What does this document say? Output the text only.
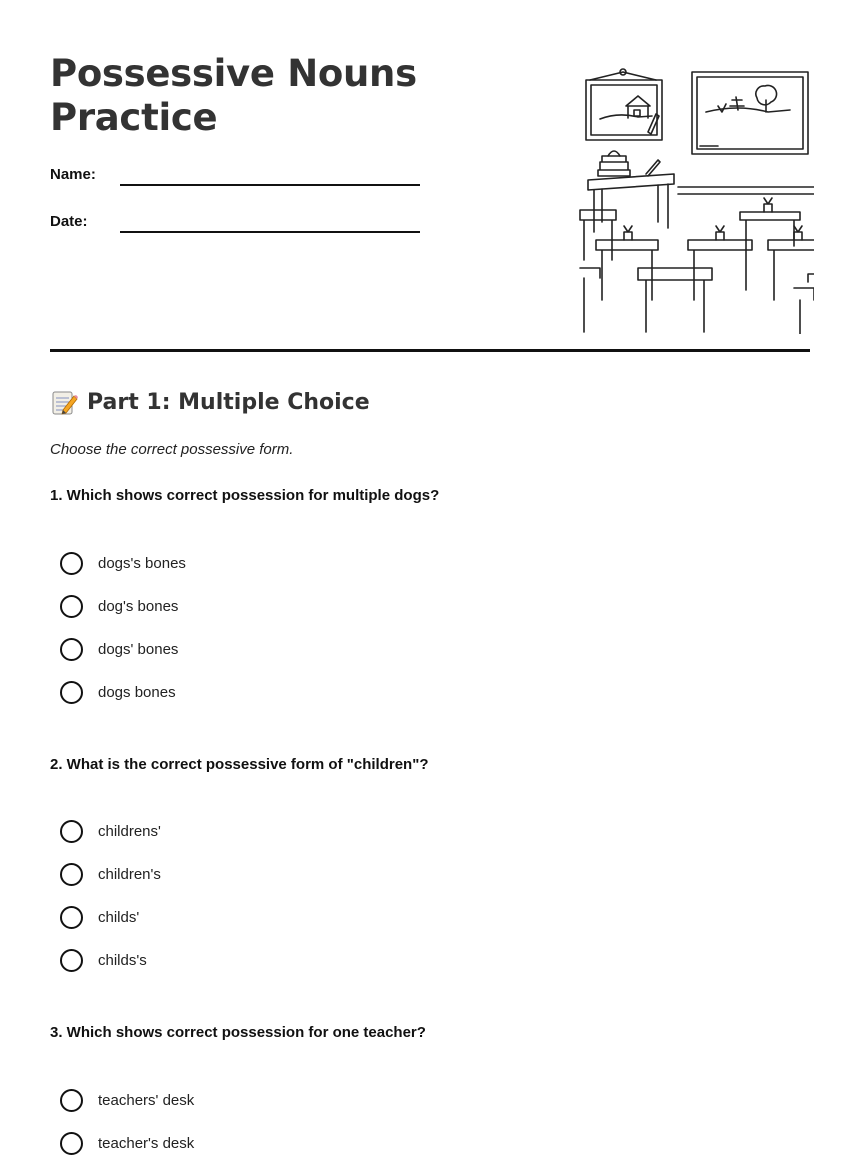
Possessive Nouns Practice
Name:
Date:
Part 1: Multiple Choice

Choose the correct possessive form.

1. Which shows correct possession for multiple dogs?

dogs's bones
dog's bones
dogs' bones
dogs bones

2. What is the correct possessive form of "children"?

childrens'
children's
childs'
childs's

3. Which shows correct possession for one teacher?

teachers' desk
teacher's desk
